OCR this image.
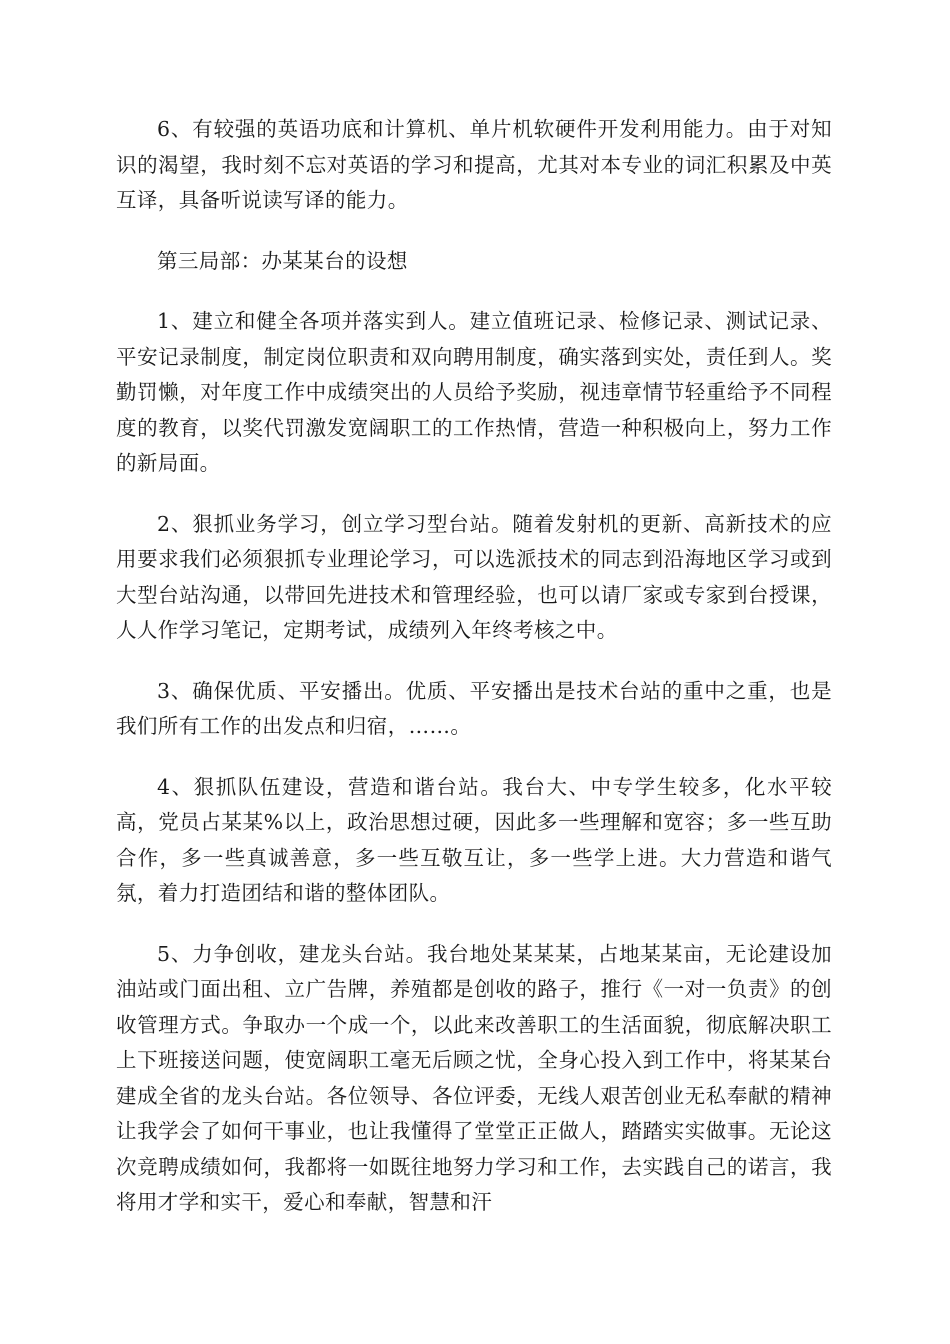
6、有较强的英语功底和计算机、单片机软硬件开发利用能力。由于对知识的渴望，我时刻不忘对英语的学习和提高，尤其对本专业的词汇积累及中英互译，具备听说读写译的能力。

第三局部：办某某台的设想

1、建立和健全各项并落实到人。建立值班记录、检修记录、测试记录、平安记录制度，制定岗位职责和双向聘用制度，确实落到实处，责任到人。奖勤罚懒，对年度工作中成绩突出的人员给予奖励，视违章情节轻重给予不同程度的教育，以奖代罚激发宽阔职工的工作热情，营造一种积极向上，努力工作的新局面。

2、狠抓业务学习，创立学习型台站。随着发射机的更新、高新技术的应用要求我们必须狠抓专业理论学习，可以选派技术的同志到沿海地区学习或到大型台站沟通，以带回先进技术和管理经验，也可以请厂家或专家到台授课，人人作学习笔记，定期考试，成绩列入年终考核之中。

3、确保优质、平安播出。优质、平安播出是技术台站的重中之重，也是我们所有工作的出发点和归宿，……。

4、狠抓队伍建设，营造和谐台站。我台大、中专学生较多，化水平较高，党员占某某%以上，政治思想过硬，因此多一些理解和宽容；多一些互助合作，多一些真诚善意，多一些互敬互让，多一些学上进。大力营造和谐气氛，着力打造团结和谐的整体团队。

5、力争创收，建龙头台站。我台地处某某某，占地某某亩，无论建设加油站或门面出租、立广告牌，养殖都是创收的路子，推行《一对一负责》的创收管理方式。争取办一个成一个，以此来改善职工的生活面貌，彻底解决职工上下班接送问题，使宽阔职工毫无后顾之忧，全身心投入到工作中，将某某台建成全省的龙头台站。各位领导、各位评委，无线人艰苦创业无私奉献的精神让我学会了如何干事业，也让我懂得了堂堂正正做人，踏踏实实做事。无论这次竞聘成绩如何，我都将一如既往地努力学习和工作，去实践自己的诺言，我将用才学和实干，爱心和奉献，智慧和汗
